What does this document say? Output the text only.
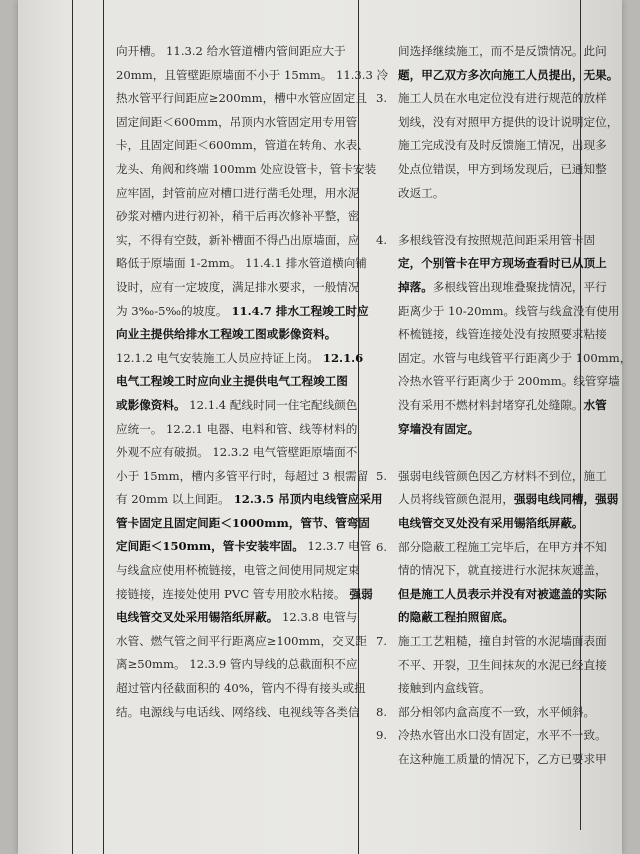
向开槽。 11.3.2 给水管道槽内管间距应大于
20mm，且管壁距原墙面不小于 15mm。 11.3.3 冷
热水管平行间距应≥200mm，槽中水管应固定且
固定间距＜600mm，吊顶内水管固定用专用管
卡，且固定间距＜600mm，管道在转角、水表、
龙头、角阀和终端 100mm 处应设管卡，管卡安装
应牢固，封管前应对槽口进行凿毛处理，用水泥
砂浆对槽内进行初补，稍干后再次修补平整，密
实，不得有空鼓，新补槽面不得凸出原墙面，应
略低于原墙面 1-2mm。 11.4.1 排水管道横向铺
设时，应有一定坡度，满足排水要求，一般情况
为 3‰-5‰的坡度。 11.4.7 排水工程竣工时应
向业主提供给排水工程竣工图或影像资料。
12.1.2 电气安装施工人员应持证上岗。 12.1.6
电气工程竣工时应向业主提供电气工程竣工图
或影像资料。 12.1.4 配线时同一住宅配线颜色
应统一。 12.2.1 电器、电料和管、线等材料的
外观不应有破损。 12.3.2 电气管壁距原墙面不
小于 15mm，槽内多管平行时，每超过 3 根需留
有 20mm 以上间距。 12.3.5 吊顶内电线管应采用
管卡固定且固定间距＜1000mm，管节、管弯固
定间距＜150mm，管卡安装牢固。 12.3.7 电管
与线盒应使用杯梳链接，电管之间使用同规定束
接链接，连接处使用 PVC 管专用胶水粘接。 强弱
电线管交叉处采用锡箔纸屏蔽。 12.3.8 电管与
水管、燃气管之间平行距离应≥100mm，交叉距
离≥50mm。 12.3.9 管内导线的总截面积不应
超过管内径截面积的 40%，管内不得有接头或扭
结。电源线与电话线、网络线、电视线等各类信
间选择继续施工，而不是反馈情况。此问
题，甲乙双方多次向施工人员提出，无果。
3. 施工人员在水电定位没有进行规范的放样
划线，没有对照甲方提供的设计说明定位，
施工完成没有及时反馈施工情况，出现多
处点位错误，甲方到场发现后，已通知整
改返工。
4. 多根线管没有按照规范间距采用管卡固
定，个别管卡在甲方现场查看时已从顶上
掉落。多根线管出现堆叠聚拢情况，平行
距离少于 10-20mm。线管与线盒没有使用
杯梳链接，线管连接处没有按照要求粘接
固定。水管与电线管平行距离少于 100mm，
冷热水管平行距离少于 200mm。线管穿墙
没有采用不燃材料封堵穿孔处缝隙。水管
穿墙没有固定。
5. 强弱电线管颜色因乙方材料不到位，施工
人员将线管颜色混用，强弱电线同槽，强弱
电线管交叉处没有采用锡箔纸屏蔽。
6. 部分隐蔽工程施工完毕后，在甲方并不知
情的情况下，就直接进行水泥抹灰遮盖，
但是施工人员表示并没有对被遮盖的实际
的隐蔽工程拍照留底。
7. 施工工艺粗糙，撞自封管的水泥墙面表面
不平、开裂，卫生间抹灰的水泥已经直接
接触到内盒线管。
8. 部分相邻内盒高度不一致，水平倾斜。
9. 冷热水管出水口没有固定，水平不一致。
在这种施工质量的情况下，乙方已要求甲
